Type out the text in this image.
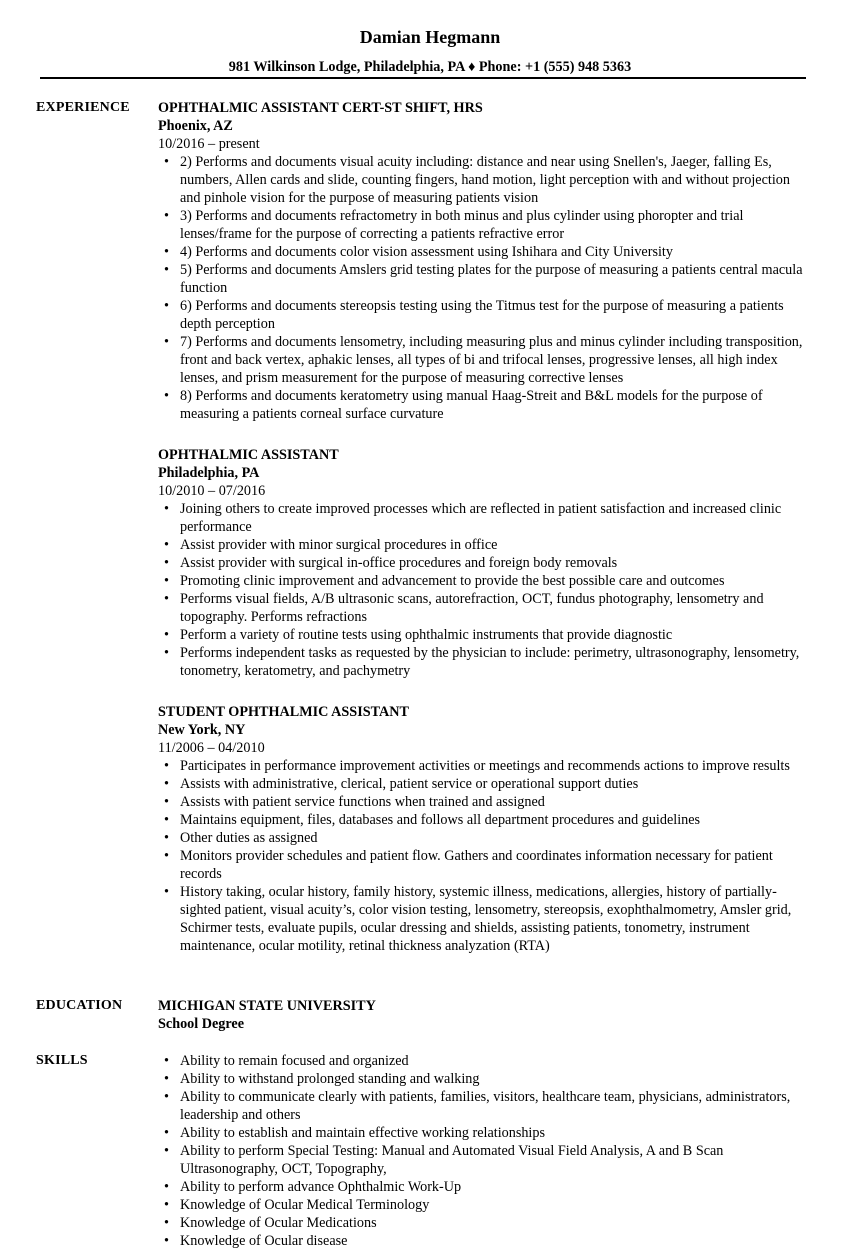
Damian Hegmann
981 Wilkinson Lodge, Philadelphia, PA ♦ Phone: +1 (555) 948 5363
EXPERIENCE OPHTHALMIC ASSISTANT CERT-ST SHIFT, HRS
Phoenix, AZ
10/2016 – present
• 2) Performs and documents visual acuity including: distance and near using Snellen's, Jaeger, falling Es, numbers, Allen cards and slide, counting fingers, hand motion, light perception with and without projection and pinhole vision for the purpose of measuring patients vision
• 3) Performs and documents refractometry in both minus and plus cylinder using phoropter and trial lenses/frame for the purpose of correcting a patients refractive error
• 4) Performs and documents color vision assessment using Ishihara and City University
• 5) Performs and documents Amslers grid testing plates for the purpose of measuring a patients central macula function
• 6) Performs and documents stereopsis testing using the Titmus test for the purpose of measuring a patients depth perception
• 7) Performs and documents lensometry, including measuring plus and minus cylinder including transposition, front and back vertex, aphakic lenses, all types of bi and trifocal lenses, progressive lenses, all high index lenses, and prism measurement for the purpose of measuring corrective lenses
• 8) Performs and documents keratometry using manual Haag-Streit and B&L models for the purpose of measuring a patients corneal surface curvature
OPHTHALMIC ASSISTANT
Philadelphia, PA
10/2010 – 07/2016
• Joining others to create improved processes which are reflected in patient satisfaction and increased clinic performance
• Assist provider with minor surgical procedures in office
• Assist provider with surgical in-office procedures and foreign body removals
• Promoting clinic improvement and advancement to provide the best possible care and outcomes
• Performs visual fields, A/B ultrasonic scans, autorefraction, OCT, fundus photography, lensometry and topography. Performs refractions
• Perform a variety of routine tests using ophthalmic instruments that provide diagnostic
• Performs independent tasks as requested by the physician to include: perimetry, ultrasonography, lensometry, tonometry, keratometry, and pachymetry
STUDENT OPHTHALMIC ASSISTANT
New York, NY
11/2006 – 04/2010
• Participates in performance improvement activities or meetings and recommends actions to improve results
• Assists with administrative, clerical, patient service or operational support duties
• Assists with patient service functions when trained and assigned
• Maintains equipment, files, databases and follows all department procedures and guidelines
• Other duties as assigned
• Monitors provider schedules and patient flow. Gathers and coordinates information necessary for patient records
• History taking, ocular history, family history, systemic illness, medications, allergies, history of partially-sighted patient, visual acuity’s, color vision testing, lensometry, stereopsis, exophthalmometry, Amsler grid, Schirmer tests, evaluate pupils, ocular dressing and shields, assisting patients, tonometry, instrument maintenance, ocular motility, retinal thickness analyzation (RTA)
EDUCATION	MICHIGAN STATE UNIVERSITY
School Degree
SKILLS
•	Ability to remain focused and organized
• Ability to withstand prolonged standing and walking
• Ability to communicate clearly with patients, families, visitors, healthcare team, physicians, administrators, leadership and others
• Ability to establish and maintain effective working relationships
• Ability to perform Special Testing: Manual and Automated Visual Field Analysis, A and B Scan Ultrasonography, OCT, Topography,
• Ability to perform advance Ophthalmic Work-Up
• Knowledge of Ocular Medical Terminology
• Knowledge of Ocular Medications
• Knowledge of Ocular disease
